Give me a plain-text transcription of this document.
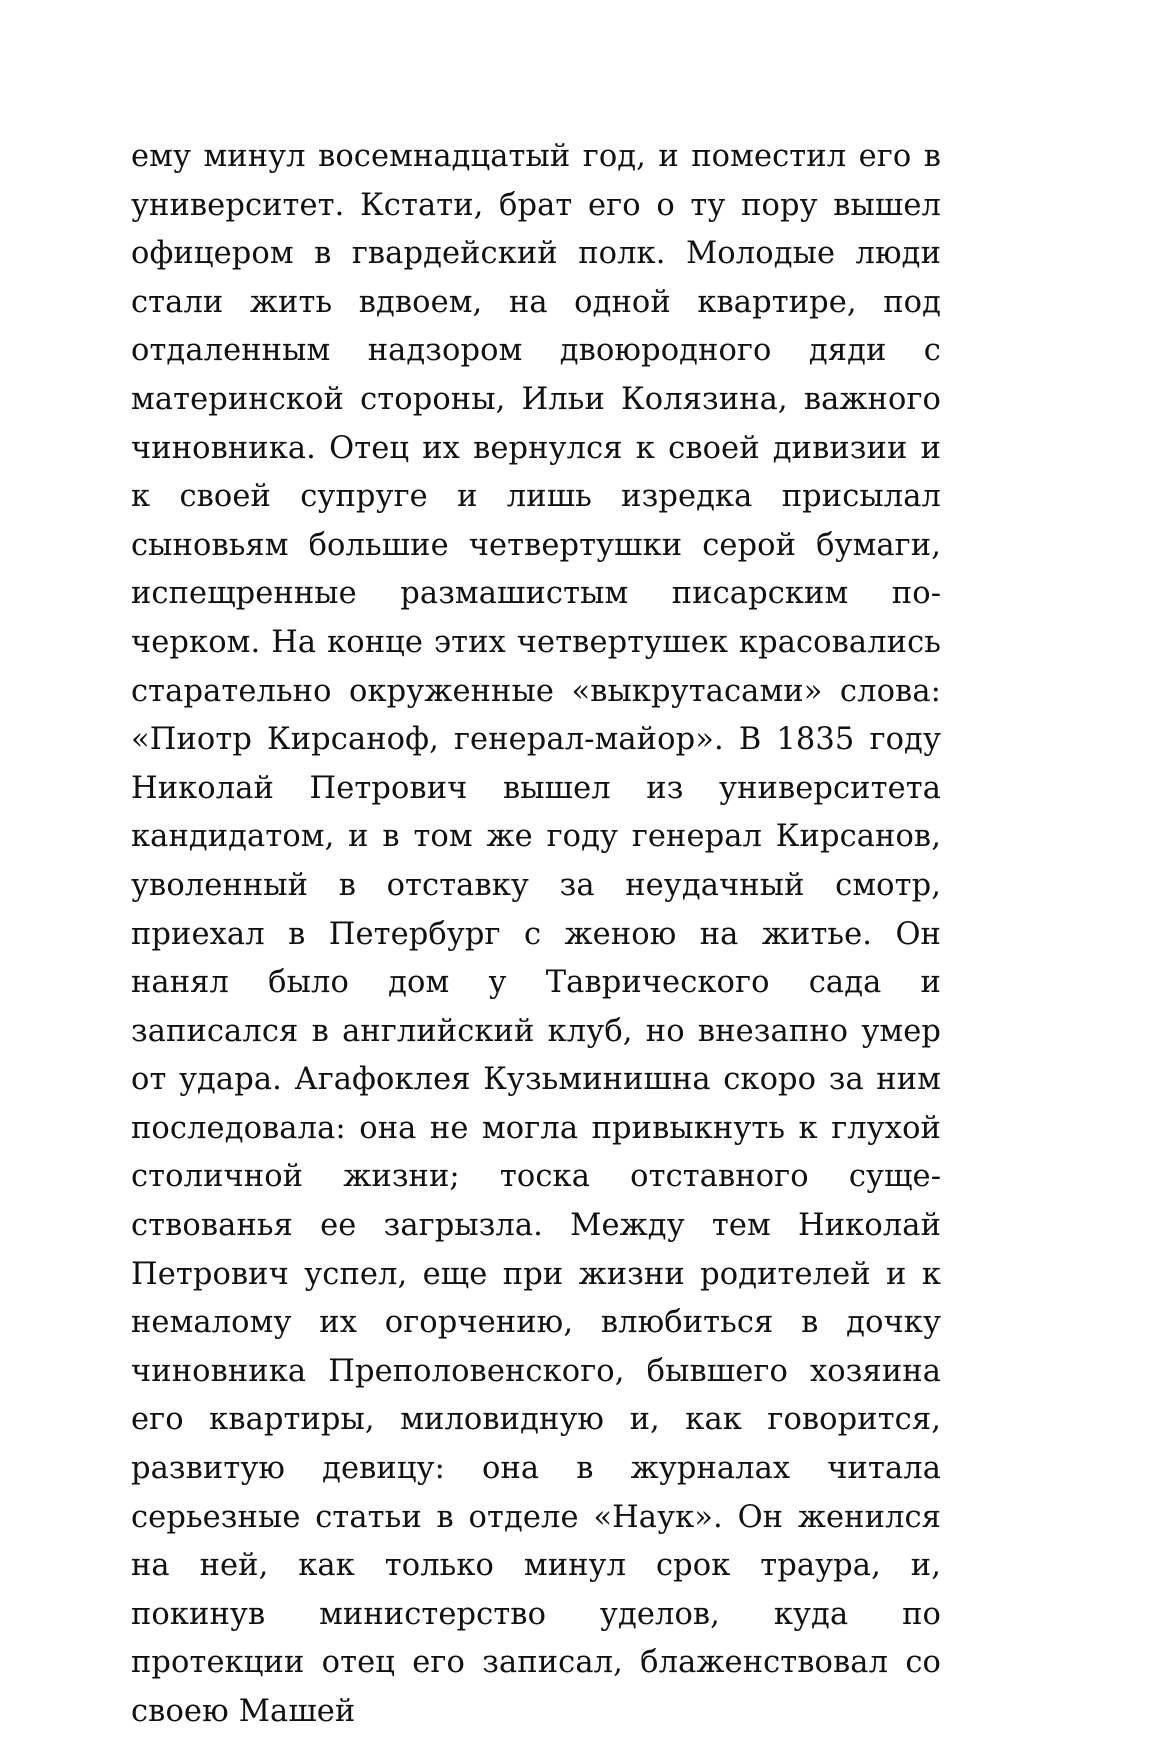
ему минул восемнадцатый год, и поместил его в университет. Кстати, брат его о ту пору вышел офицером в гвардейский полк. Молодые люди стали жить вдвоем, на одной квартире, под отдаленным надзором двоюродного дяди с материнской стороны, Ильи Колязина, важного чиновника. Отец их вернулся к своей дивизии и к своей супруге и лишь изредка присылал сыновьям большие четвертушки серой бумаги, испещренные размашистым писарским почерком. На конце этих четвертушек красовались старательно окруженные «выкрутасами» слова: «Пиотр Кирсаноф, генерал-майор». В 1835 году Николай Петрович вышел из университета кандидатом, и в том же году генерал Кирсанов, уволенный в отставку за неудачный смотр, приехал в Петербург с женою на житье. Он нанял было дом у Таврического сада и записался в английский клуб, но внезапно умер от удара. Агафоклея Кузьминишна скоро за ним последовала: она не могла привыкнуть к глухой столичной жизни; тоска отставного существованья ее загрызла. Между тем Николай Петрович успел, еще при жизни родителей и к немалому их огорчению, влюбиться в дочку чиновника Преполовенского, бывшего хозяина его квартиры, миловидную и, как говорится, развитую девицу: она в журналах читала серьезные статьи в отделе «Наук». Он женился на ней, как только минул срок траура, и, покинув министерство уделов, куда по протекции отец его записал, блаженствовал со своею Машей
